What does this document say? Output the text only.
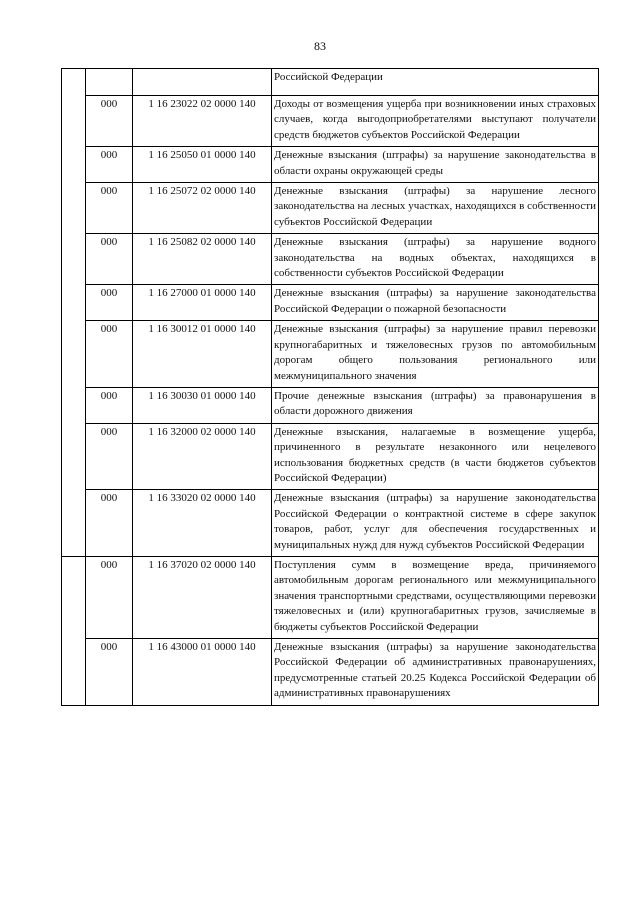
83
			Российской Федерации
	000	1 16 23022 02 0000 140	Доходы от возмещения ущерба при возникновении иных страховых случаев, когда выгодоприобретателями выступают получатели средств бюджетов субъектов Российской Федерации
	000	1 16 25050 01 0000 140	Денежные взыскания (штрафы) за нарушение законодательства в области охраны окружающей среды
	000	1 16 25072 02 0000 140	Денежные взыскания (штрафы) за нарушение лесного законодательства на лесных участках, находящихся в собственности субъектов Российской Федерации
	000	1 16 25082 02 0000 140	Денежные взыскания (штрафы) за нарушение водного законодательства на водных объектах, находящихся в собственности субъектов Российской Федерации
	000	1 16 27000 01 0000 140	Денежные взыскания (штрафы) за нарушение законодательства Российской Федерации о пожарной безопасности
	000	1 16 30012 01 0000 140	Денежные взыскания (штрафы) за нарушение правил перевозки крупногабаритных и тяжеловесных грузов по автомобильным дорогам общего пользования регионального или межмуниципального значения
	000	1 16 30030 01 0000 140	Прочие денежные взыскания (штрафы) за правонарушения в области дорожного движения
	000	1 16 32000 02 0000 140	Денежные взыскания, налагаемые в возмещение ущерба, причиненного в результате незаконного или нецелевого использования бюджетных средств (в части бюджетов субъектов Российской Федерации)
	000	1 16 33020 02 0000 140	Денежные взыскания (штрафы) за нарушение законодательства Российской Федерации о контрактной системе в сфере закупок товаров, работ, услуг для обеспечения государственных и муниципальных нужд для нужд субъектов Российской Федерации
	000	1 16 37020 02 0000 140	Поступления сумм в возмещение вреда, причиняемого автомобильным дорогам регионального или межмуниципального значения транспортными средствами, осуществляющими перевозки тяжеловесных и (или) крупногабаритных грузов, зачисляемые в бюджеты субъектов Российской Федерации
	000	1 16 43000 01 0000 140	Денежные взыскания (штрафы) за нарушение законодательства Российской Федерации об административных правонарушениях, предусмотренные статьей 20.25 Кодекса Российской Федерации об административных правонарушениях
